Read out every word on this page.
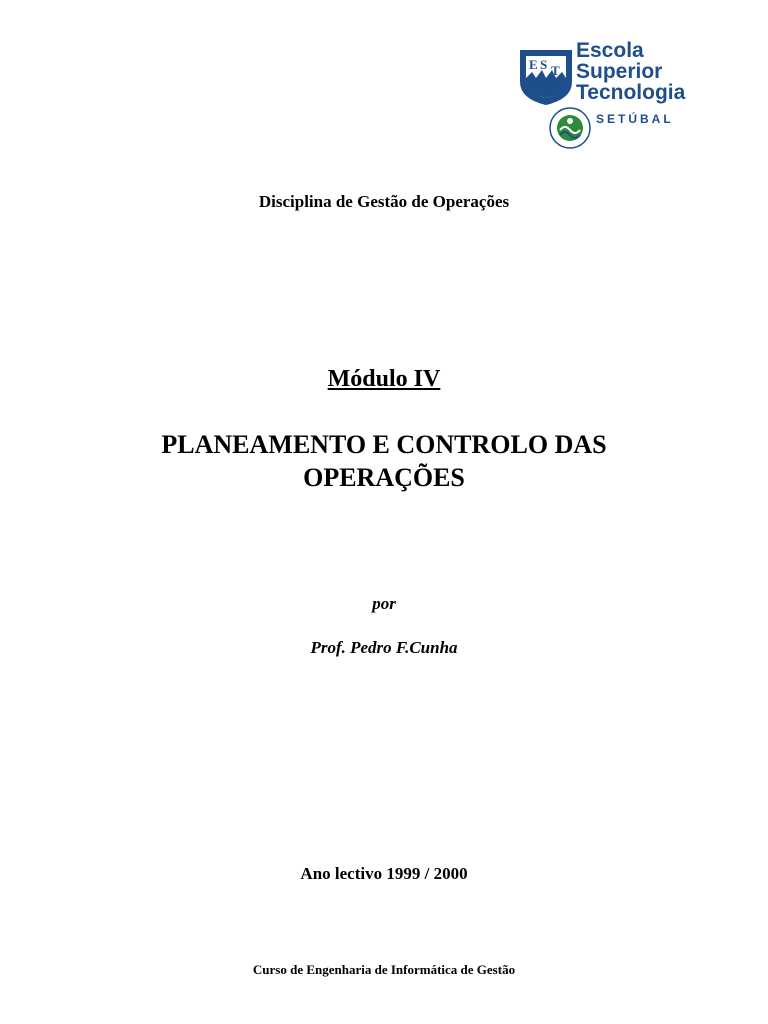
E S T
Escola
Superior
Tecnologia
SETÚBAL
Disciplina de Gestão de Operações
Módulo IV
PLANEAMENTO E CONTROLO DAS
OPERAÇÕES
por
Prof. Pedro F.Cunha
Ano lectivo 1999 / 2000
Curso de Engenharia de Informática de Gestão
